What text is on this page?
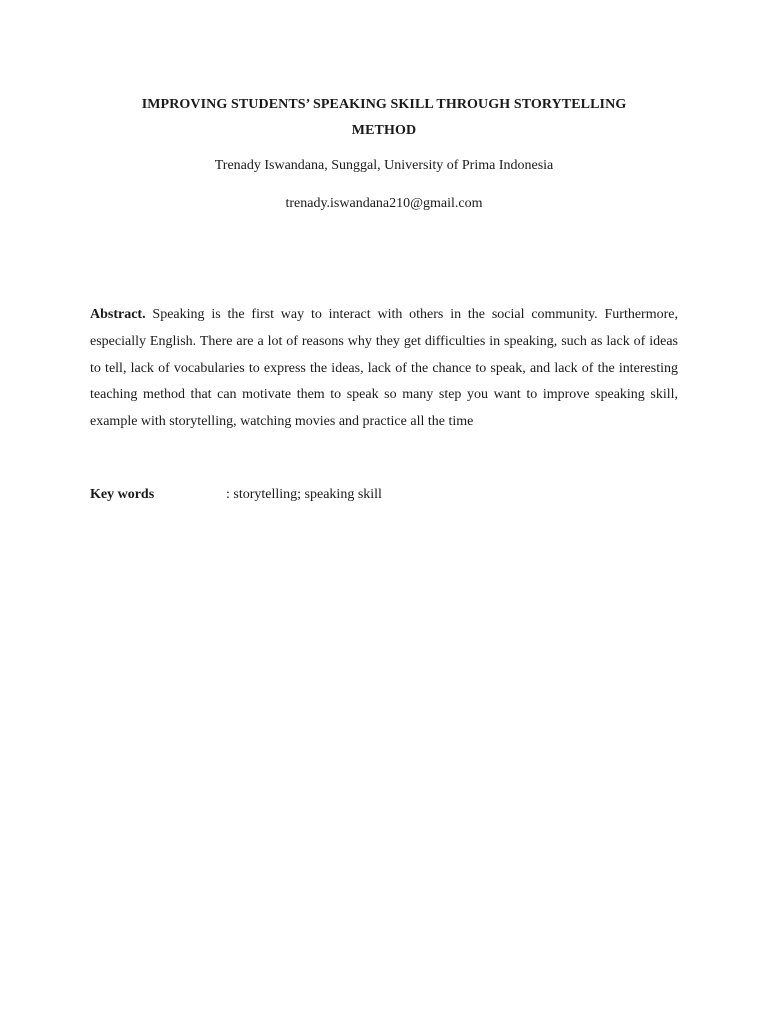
IMPROVING STUDENTS’ SPEAKING SKILL THROUGH STORYTELLING
METHOD
Trenady Iswandana, Sunggal, University of Prima Indonesia
trenady.iswandana210@gmail.com
Abstract. Speaking is the first way to interact with others in the social community. Furthermore, especially English. There are a lot of reasons why they get difficulties in speaking, such as lack of ideas to tell, lack of vocabularies to express the ideas, lack of the chance to speak, and lack of the interesting teaching method that can motivate them to speak so many step you want to improve speaking skill, example with storytelling, watching movies and practice all the time
Key words	: storytelling; speaking skill
